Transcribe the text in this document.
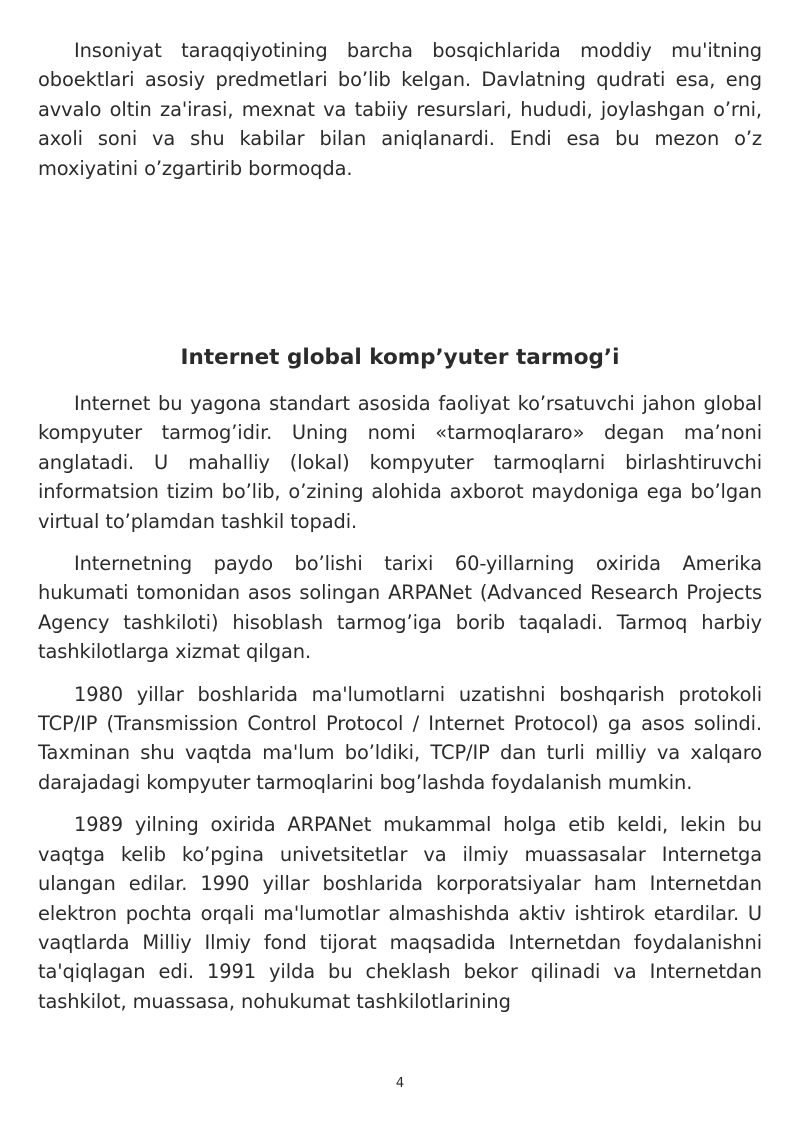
Insoniyat taraqqiyotining barcha bosqichlarida moddiy mu'itning oboektlari asosiy predmetlari bo’lib kelgan. Davlatning qudrati esa, eng avvalo oltin za'irasi, mexnat va tabiiy resurslari, hududi, joylashgan o’rni, axoli soni va shu kabilar bilan aniqlanardi. Endi esa bu mezon o’z moxiyatini o’zgartirib bormoqda.

Internet global komp’yuter tarmog’i

Internet bu yagona standart asosida faoliyat ko’rsatuvchi jahon global kompyuter tarmog’idir. Uning nomi «tarmoqlararo» degan ma’noni anglatadi. U mahalliy (lokal) kompyuter tarmoqlarni birlashtiruvchi informatsion tizim bo’lib, o’zining alohida axborot maydoniga ega bo’lgan virtual to’plamdan tashkil topadi.

Internetning paydo bo’lishi tarixi 60-yillarning oxirida Amerika hukumati tomonidan asos solingan ARPANet (Advanced Research Projects Agency tashkiloti) hisoblash tarmog’iga borib taqaladi. Tarmoq harbiy tashkilotlarga xizmat qilgan.

1980 yillar boshlarida ma'lumotlarni uzatishni boshqarish protokoli TCP/IP (Transmission Control Protocol / Internet Protocol) ga asos solindi. Taxminan shu vaqtda ma'lum bo’ldiki, TCP/IP dan turli milliy va xalqaro darajadagi kompyuter tarmoqlarini bog’lashda foydalanish mumkin.

1989 yilning oxirida ARPANet mukammal holga etib keldi, lekin bu vaqtga kelib ko’pgina univetsitetlar va ilmiy muassasalar Internetga ulangan edilar. 1990 yillar boshlarida korporatsiyalar ham Internetdan elektron pochta orqali ma'lumotlar almashishda aktiv ishtirok etardilar. U vaqtlarda Milliy Ilmiy fond tijorat maqsadida Internetdan foydalanishni ta'qiqlagan edi. 1991 yilda bu cheklash bekor qilinadi va Internetdan tashkilot, muassasa, nohukumat tashkilotlarining

4
